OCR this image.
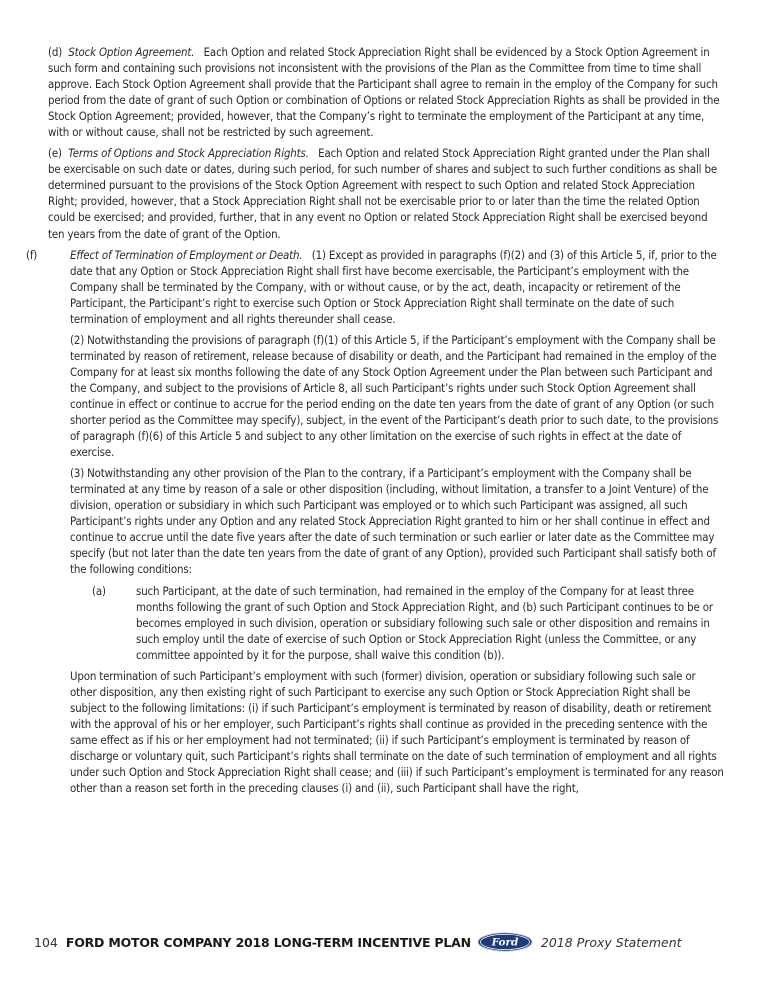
(d) Stock Option Agreement. Each Option and related Stock Appreciation Right shall be evidenced by a Stock Option Agreement in such form and containing such provisions not inconsistent with the provisions of the Plan as the Committee from time to time shall approve. Each Stock Option Agreement shall provide that the Participant shall agree to remain in the employ of the Company for such period from the date of grant of such Option or combination of Options or related Stock Appreciation Rights as shall be provided in the Stock Option Agreement; provided, however, that the Company’s right to terminate the employment of the Participant at any time, with or without cause, shall not be restricted by such agreement.

(e) Terms of Options and Stock Appreciation Rights. Each Option and related Stock Appreciation Right granted under the Plan shall be exercisable on such date or dates, during such period, for such number of shares and subject to such further conditions as shall be determined pursuant to the provisions of the Stock Option Agreement with respect to such Option and related Stock Appreciation Right; provided, however, that a Stock Appreciation Right shall not be exercisable prior to or later than the time the related Option could be exercised; and provided, further, that in any event no Option or related Stock Appreciation Right shall be exercised beyond ten years from the date of grant of the Option.

(f)	Effect of Termination of Employment or Death. (1) Except as provided in paragraphs (f)(2) and (3) of this Article 5, if, prior to the date that any Option or Stock Appreciation Right shall first have become exercisable, the Participant’s employment with the Company shall be terminated by the Company, with or without cause, or by the act, death, incapacity or retirement of the Participant, the Participant’s right to exercise such Option or Stock Appreciation Right shall terminate on the date of such termination of employment and all rights thereunder shall cease.

(2) Notwithstanding the provisions of paragraph (f)(1) of this Article 5, if the Participant’s employment with the Company shall be terminated by reason of retirement, release because of disability or death, and the Participant had remained in the employ of the Company for at least six months following the date of any Stock Option Agreement under the Plan between such Participant and the Company, and subject to the provisions of Article 8, all such Participant’s rights under such Stock Option Agreement shall continue in effect or continue to accrue for the period ending on the date ten years from the date of grant of any Option (or such shorter period as the Committee may specify), subject, in the event of the Participant’s death prior to such date, to the provisions of paragraph (f)(6) of this Article 5 and subject to any other limitation on the exercise of such rights in effect at the date of exercise.

(3) Notwithstanding any other provision of the Plan to the contrary, if a Participant’s employment with the Company shall be terminated at any time by reason of a sale or other disposition (including, without limitation, a transfer to a Joint Venture) of the division, operation or subsidiary in which such Participant was employed or to which such Participant was assigned, all such Participant’s rights under any Option and any related Stock Appreciation Right granted to him or her shall continue in effect and continue to accrue until the date five years after the date of such termination or such earlier or later date as the Committee may specify (but not later than the date ten years from the date of grant of any Option), provided such Participant shall satisfy both of the following conditions:

(a)	such Participant, at the date of such termination, had remained in the employ of the Company for at least three months following the grant of such Option and Stock Appreciation Right, and (b) such Participant continues to be or becomes employed in such division, operation or subsidiary following such sale or other disposition and remains in such employ until the date of exercise of such Option or Stock Appreciation Right (unless the Committee, or any committee appointed by it for the purpose, shall waive this condition (b)).

Upon termination of such Participant’s employment with such (former) division, operation or subsidiary following such sale or other disposition, any then existing right of such Participant to exercise any such Option or Stock Appreciation Right shall be subject to the following limitations: (i) if such Participant’s employment is terminated by reason of disability, death or retirement with the approval of his or her employer, such Participant’s rights shall continue as provided in the preceding sentence with the same effect as if his or her employment had not terminated; (ii) if such Participant’s employment is terminated by reason of discharge or voluntary quit, such Participant’s rights shall terminate on the date of such termination of employment and all rights under such Option and Stock Appreciation Right shall cease; and (iii) if such Participant’s employment is terminated for any reason other than a reason set forth in the preceding clauses (i) and (ii), such Participant shall have the right,

104 FORD MOTOR COMPANY 2018 LONG-TERM INCENTIVE PLAN Ford 2018 Proxy Statement
